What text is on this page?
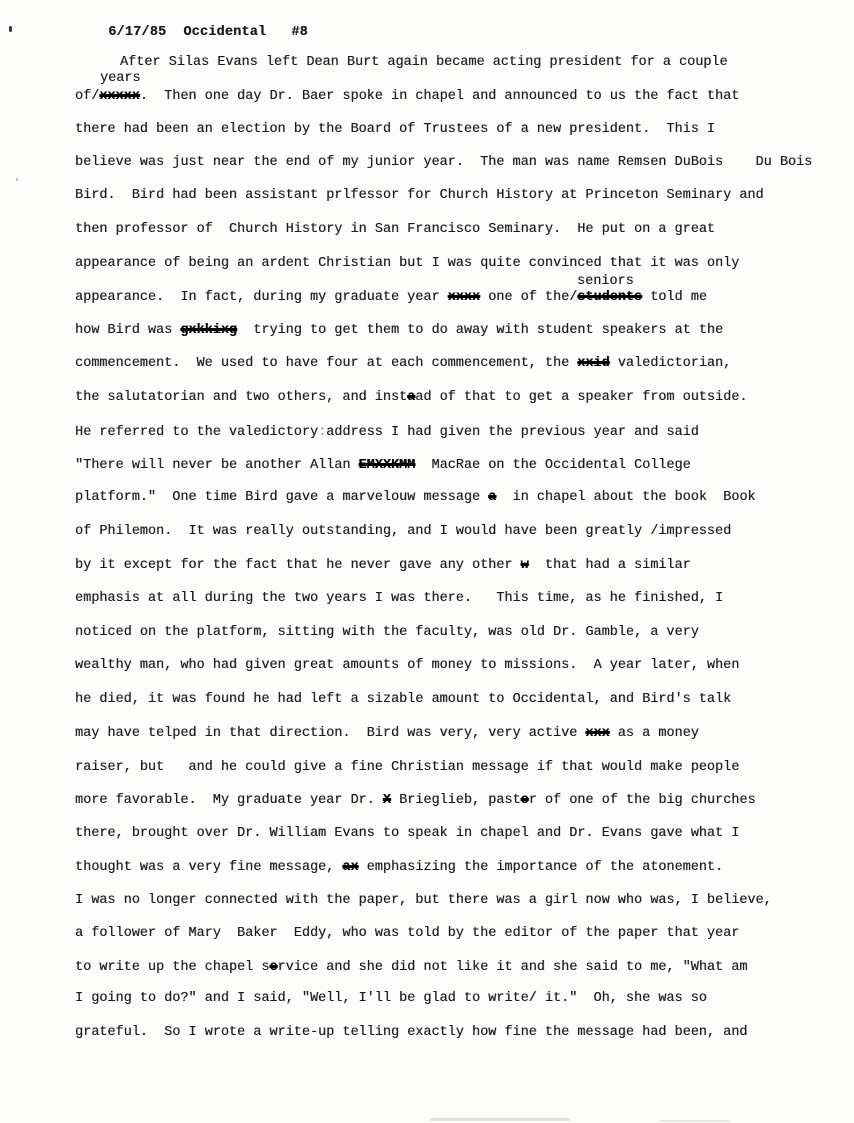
6/17/85 Occidental #8

After Silas Evans left Dean Burt again became acting president for a couple
years
of/xxxxx.  Then one day Dr. Baer spoke in chapel and announced to us the fact that
there had been an election by the Board of Trustees of a new president.  This I
believe was just near the end of my junior year.  The man was name Remsen DuBois    Du Bois
Bird.  Bird had been assistant prlfessor for Church History at Princeton Seminary and
then professor of  Church History in San Francisco Seminary.  He put on a great
appearance of being an ardent Christian but I was quite convinced that it was only
seniors
appearance.  In fact, during my graduate year xxxx one of the/students told me
how Bird was gxkkixg  trying to get them to do away with student speakers at the
commencement.  We used to have four at each commencement, the xxid valedictorian,
the salutatorian and two others, and instaad of that to get a speaker from outside.
He referred to the valedictory:address I had given the previous year and said
"There will never be another Allan EMXXKMM  MacRae on the Occidental College
platform."  One time Bird gave a marvelouw message a  in chapel about the book  Book
of Philemon.  It was really outstanding, and I would have been greatly /impressed
by it except for the fact that he never gave any other w  that had a similar
emphasis at all during the two years I was there.   This time, as he finished, I
noticed on the platform, sitting with the faculty, was old Dr. Gamble, a very
wealthy man, who had given great amounts of money to missions.  A year later, when
he died, it was found he had left a sizable amount to Occidental, and Bird's talk
may have telped in that direction.  Bird was very, very active xxx as a money
raiser, but   and he could give a fine Christian message if that would make people
more favorable.  My graduate year Dr. X Brieglieb, pastor of one of the big churches
there, brought over Dr. William Evans to speak in chapel and Dr. Evans gave what I
thought was a very fine message, ax emphasizing the importance of the atonement.
I was no longer connected with the paper, but there was a girl now who was, I believe,
a follower of Mary  Baker  Eddy, who was told by the editor of the paper that year
to write up the chapel service and she did not like it and she said to me, "What am
I going to do?" and I said, "Well, I'll be glad to write/ it."  Oh, she was so
grateful.  So I wrote a write-up telling exactly how fine the message had been, and
